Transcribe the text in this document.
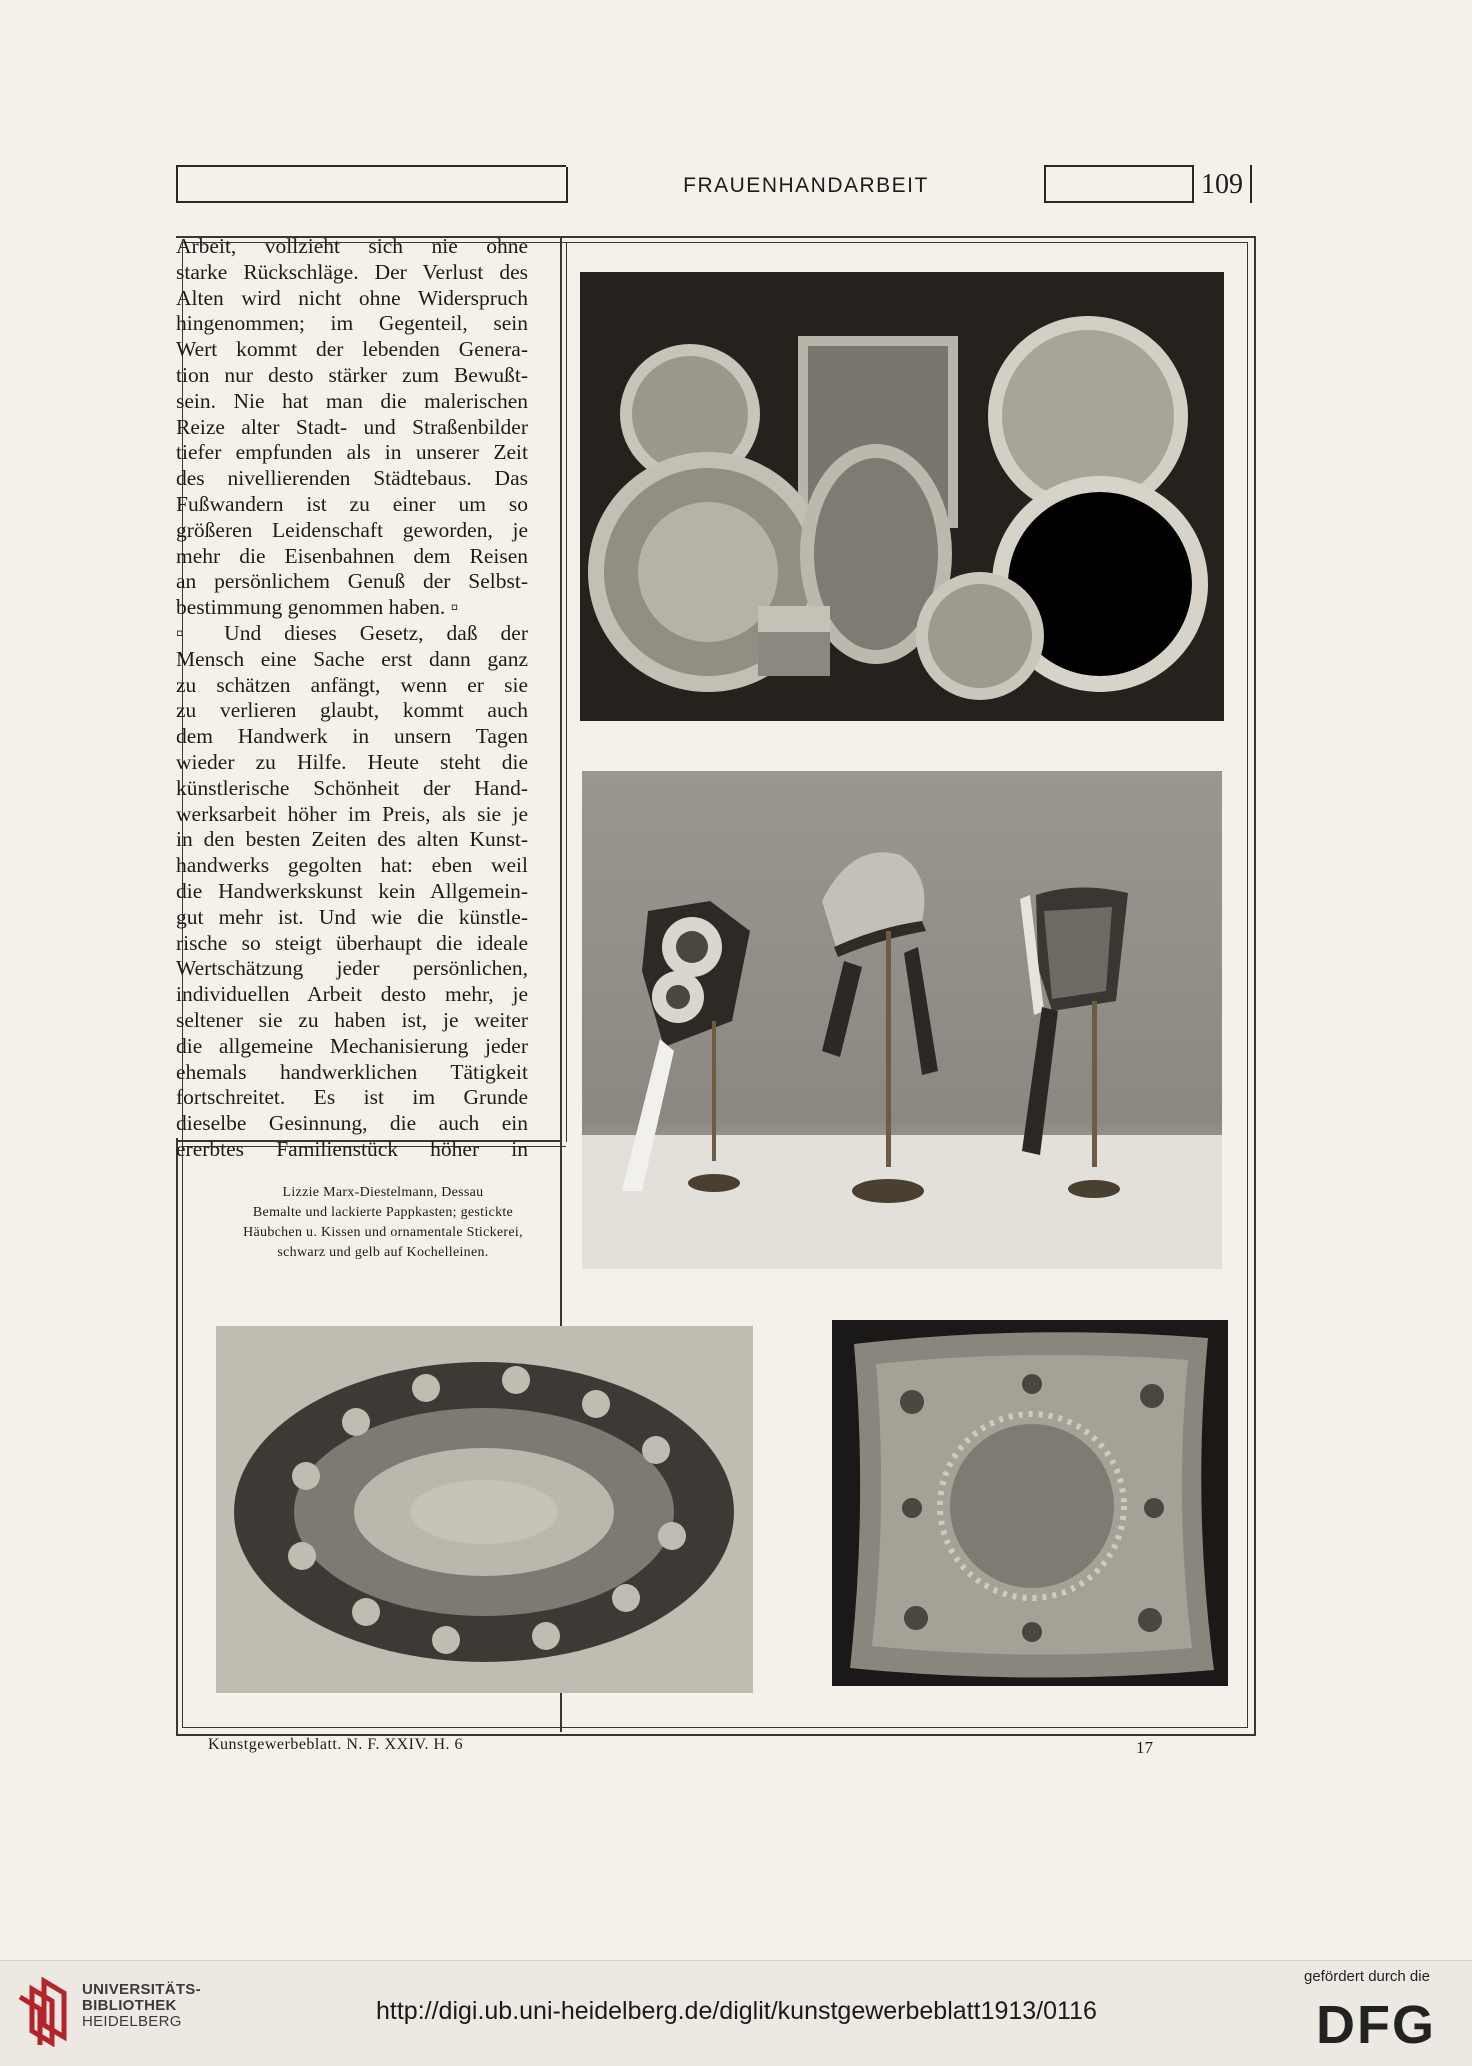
FRAUENHANDARBEIT	109
Arbeit, vollzieht sich nie ohne
starke Rückschläge. Der Verlust des
Alten wird nicht ohne Widerspruch
hingenommen; im Gegenteil, sein
Wert kommt der lebenden Genera-
tion nur desto stärker zum Bewußt-
sein. Nie hat man die malerischen
Reize alter Stadt- und Straßenbilder
tiefer empfunden als in unserer Zeit
des nivellierenden Städtebaus. Das
Fußwandern ist zu einer um so
größeren Leidenschaft geworden, je
mehr die Eisenbahnen dem Reisen
an persönlichem Genuß der Selbst-
bestimmung genommen haben. ▫
▫ Und dieses Gesetz, daß der
Mensch eine Sache erst dann ganz
zu schätzen anfängt, wenn er sie
zu verlieren glaubt, kommt auch
dem Handwerk in unsern Tagen
wieder zu Hilfe. Heute steht die
künstlerische Schönheit der Hand-
werksarbeit höher im Preis, als sie je
in den besten Zeiten des alten Kunst-
handwerks gegolten hat: eben weil
die Handwerkskunst kein Allgemein-
gut mehr ist. Und wie die künstle-
rische so steigt überhaupt die ideale
Wertschätzung jeder persönlichen,
individuellen Arbeit desto mehr, je
seltener sie zu haben ist, je weiter
die allgemeine Mechanisierung jeder
ehemals handwerklichen Tätigkeit
fortschreitet. Es ist im Grunde
dieselbe Gesinnung, die auch ein
ererbtes Familienstück höher in
Lizzie Marx-Diestelmann, Dessau
Bemalte und lackierte Pappkasten; gestickte
Häubchen u. Kissen und ornamentale Stickerei,
schwarz und gelb auf Kochelleinen.
Kunstgewerbeblatt. N. F. XXIV. H. 6	17
UNIVERSITÄTS-
BIBLIOTHEK
HEIDELBERG	http://digi.ub.uni-heidelberg.de/diglit/kunstgewerbeblatt1913/0116
gefördert durch die
DFG
